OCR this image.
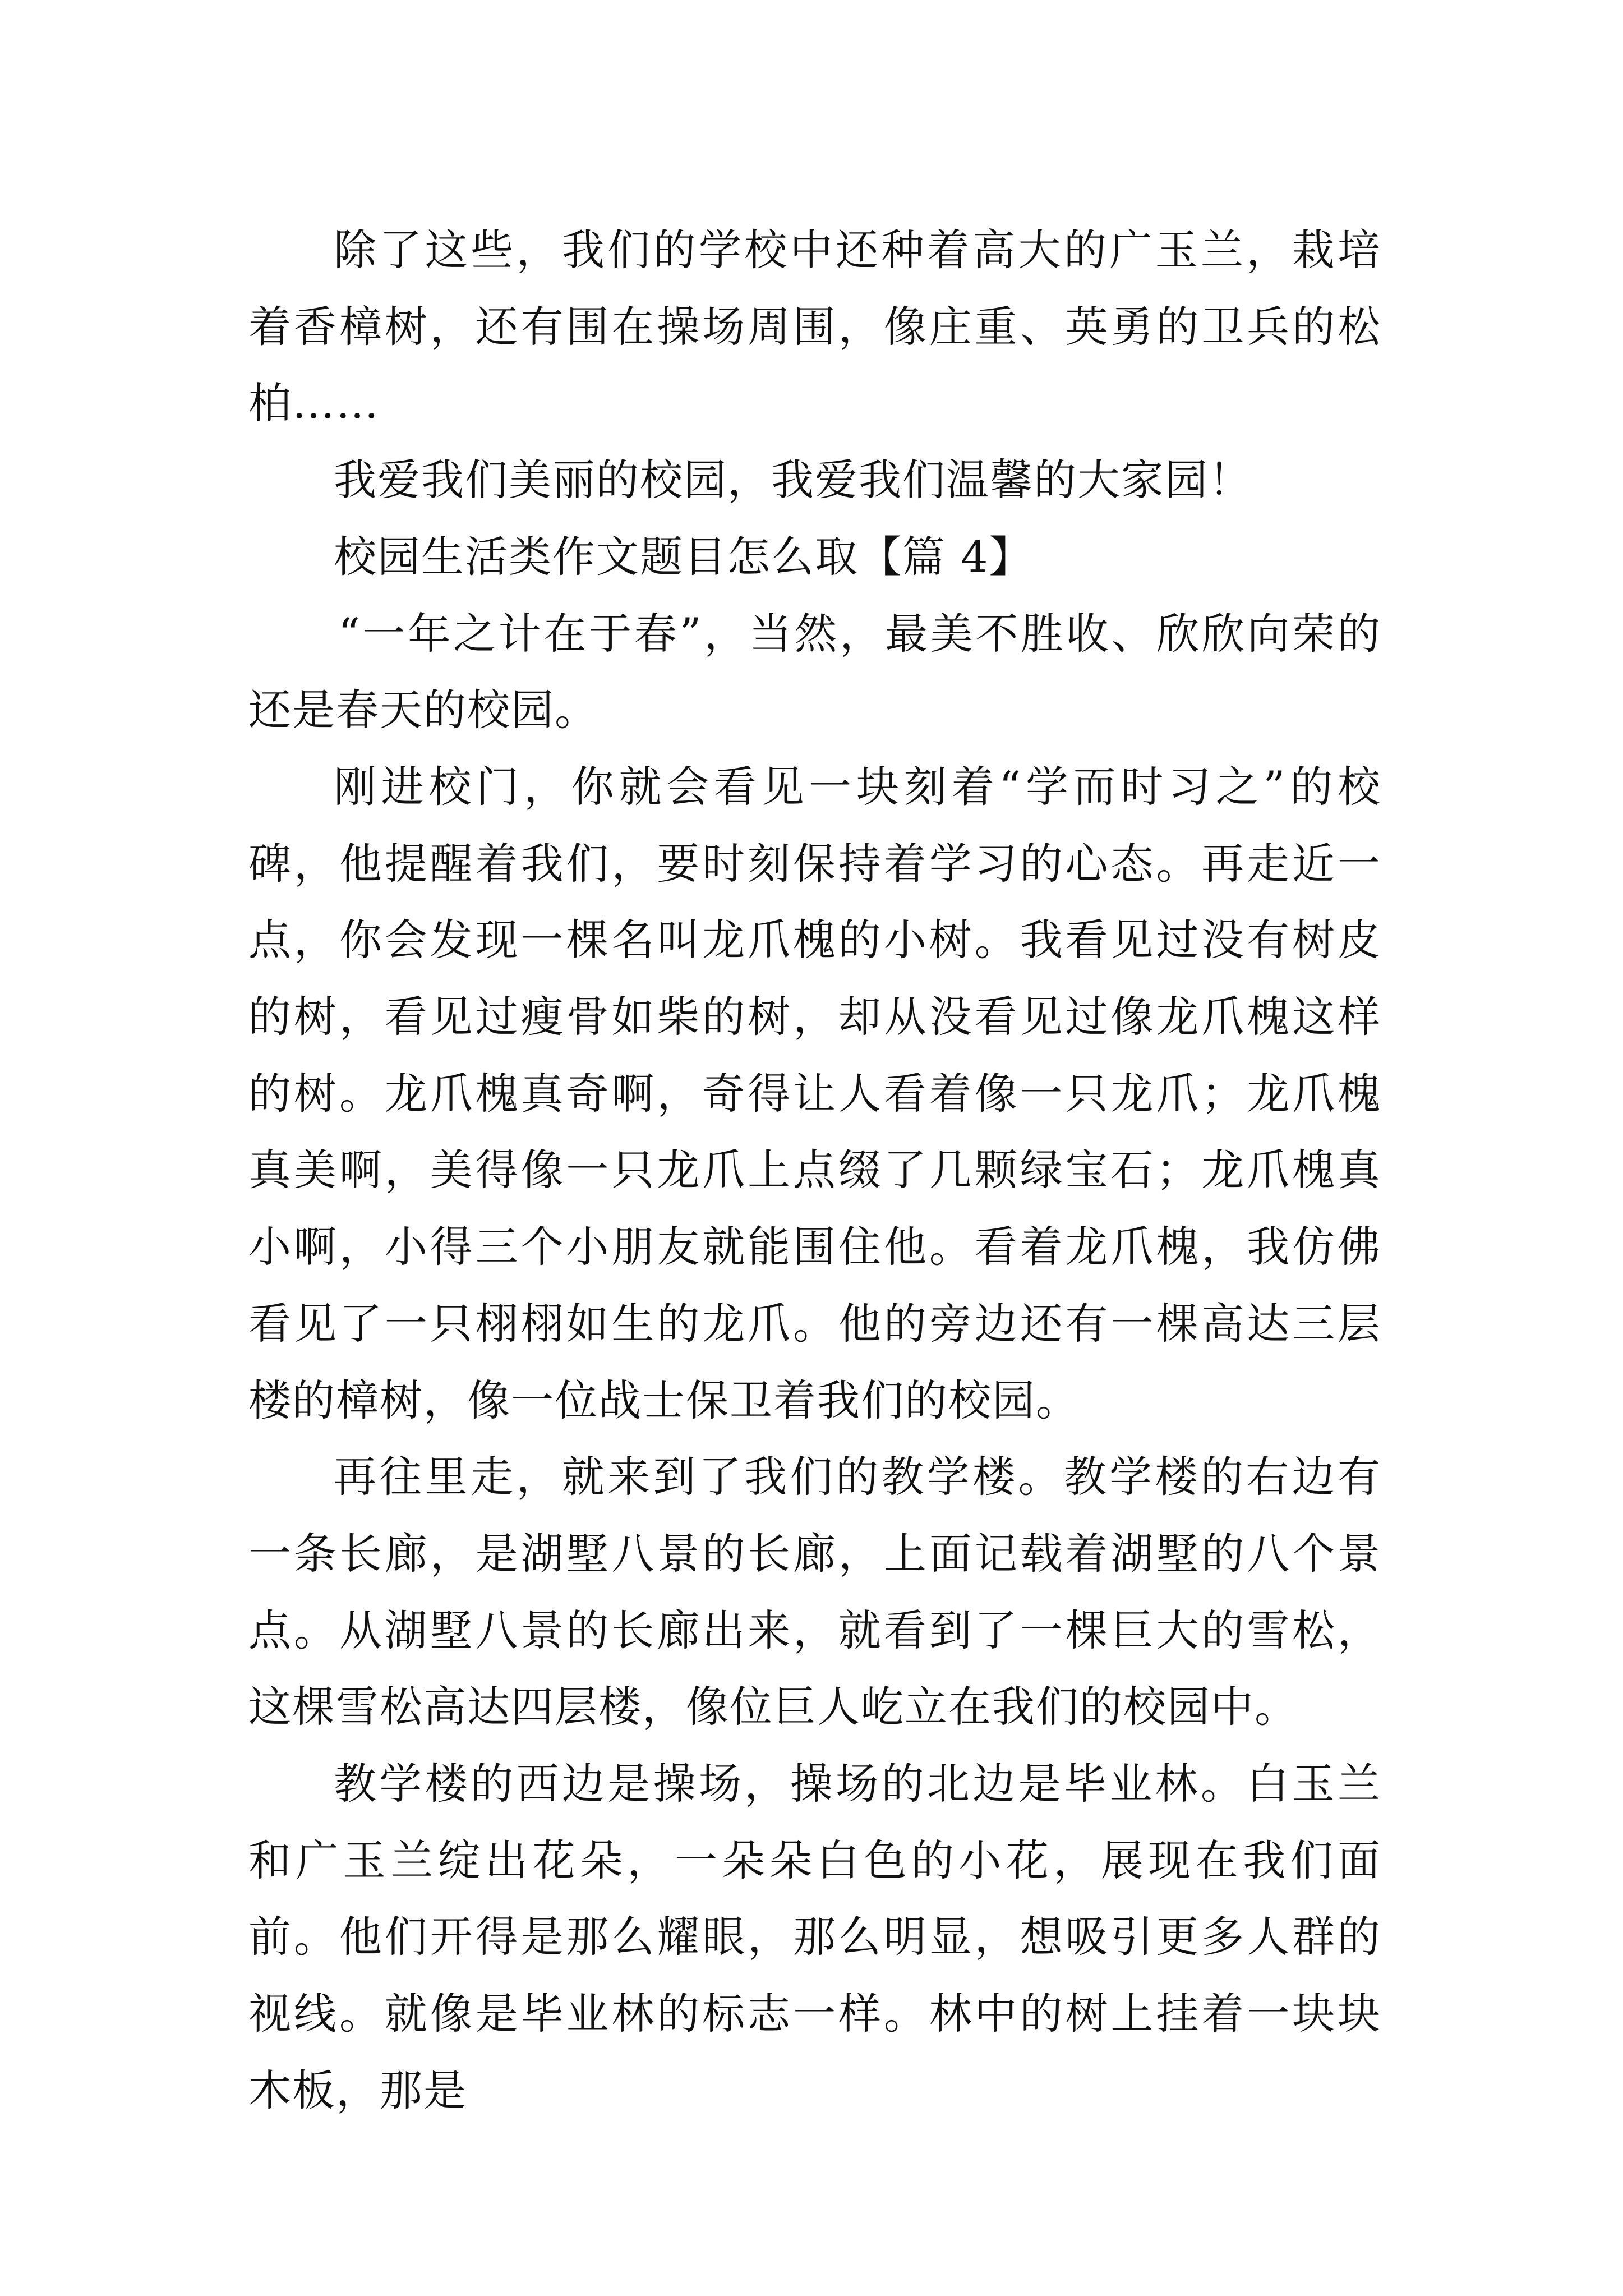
除了这些，我们的学校中还种着高大的广玉兰，栽培着香樟树，还有围在操场周围，像庄重、英勇的卫兵的松柏……

我爱我们美丽的校园，我爱我们温馨的大家园！

校园生活类作文题目怎么取【篇 4】

“一年之计在于春”，当然，最美不胜收、欣欣向荣的还是春天的校园。

刚进校门，你就会看见一块刻着“学而时习之”的校碑，他提醒着我们，要时刻保持着学习的心态。再走近一点，你会发现一棵名叫龙爪槐的小树。我看见过没有树皮的树，看见过瘦骨如柴的树，却从没看见过像龙爪槐这样的树。龙爪槐真奇啊，奇得让人看着像一只龙爪；龙爪槐真美啊，美得像一只龙爪上点缀了几颗绿宝石；龙爪槐真小啊，小得三个小朋友就能围住他。看着龙爪槐，我仿佛看见了一只栩栩如生的龙爪。他的旁边还有一棵高达三层楼的樟树，像一位战士保卫着我们的校园。

再往里走，就来到了我们的教学楼。教学楼的右边有一条长廊，是湖墅八景的长廊，上面记载着湖墅的八个景点。从湖墅八景的长廊出来，就看到了一棵巨大的雪松，这棵雪松高达四层楼，像位巨人屹立在我们的校园中。

教学楼的西边是操场，操场的北边是毕业林。白玉兰和广玉兰绽出花朵，一朵朵白色的小花，展现在我们面前。他们开得是那么耀眼，那么明显，想吸引更多人群的视线。就像是毕业林的标志一样。林中的树上挂着一块块木板，那是
